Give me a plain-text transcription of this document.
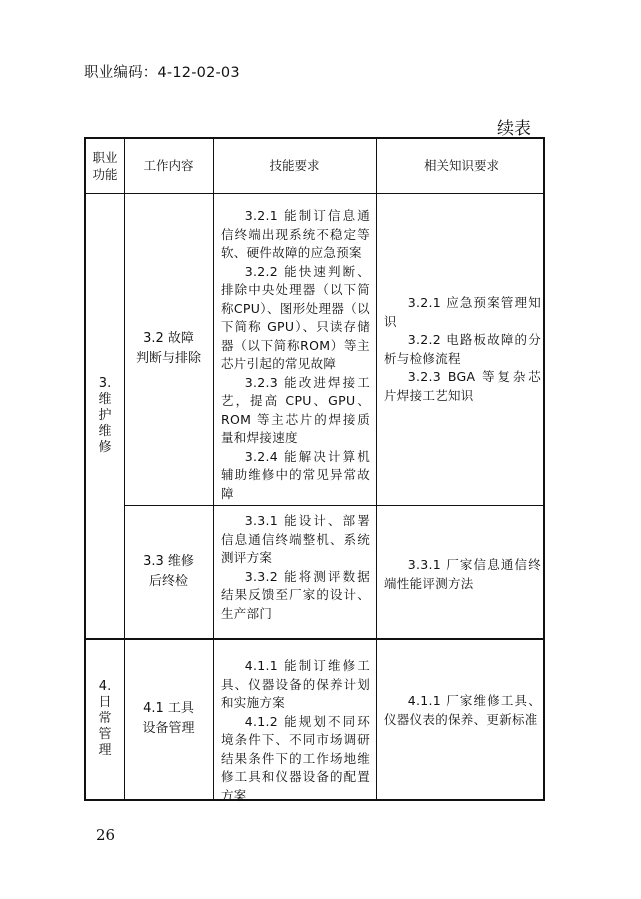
职业编码：4-12-02-03
续表
职业
功能
工作内容	技能要求	相关知识要求
3. 维护维修
4. 日常管理
3.2 故障
判断与排除
3.3 维修
后终检
4.1 工具
设备管理

3.2.1 能制订信息通信终端出现系统不稳定等软、硬件故障的应急预案

3.2.2 能快速判断、排除中央处理器（以下简称CPU）、图形处理器（以下简称 GPU）、只读存储器（以下简称ROM）等主芯片引起的常见故障

3.2.3 能改进焊接工艺，提高 CPU、GPU、ROM 等主芯片的焊接质量和焊接速度

3.2.4 能解决计算机辅助维修中的常见异常故障

3.3.1 能设计、部署信息通信终端整机、系统测评方案

3.3.2 能将测评数据结果反馈至厂家的设计、生产部门

4.1.1 能制订维修工具、仪器设备的保养计划和实施方案

4.1.2 能规划不同环境条件下、不同市场调研结果条件下的工作场地维修工具和仪器设备的配置方案

3.2.1 应急预案管理知识

3.2.2 电路板故障的分析与检修流程

3.2.3 BGA 等复杂芯片焊接工艺知识

3.3.1 厂家信息通信终端性能评测方法

4.1.1 厂家维修工具、仪器仪表的保养、更新标准

26
